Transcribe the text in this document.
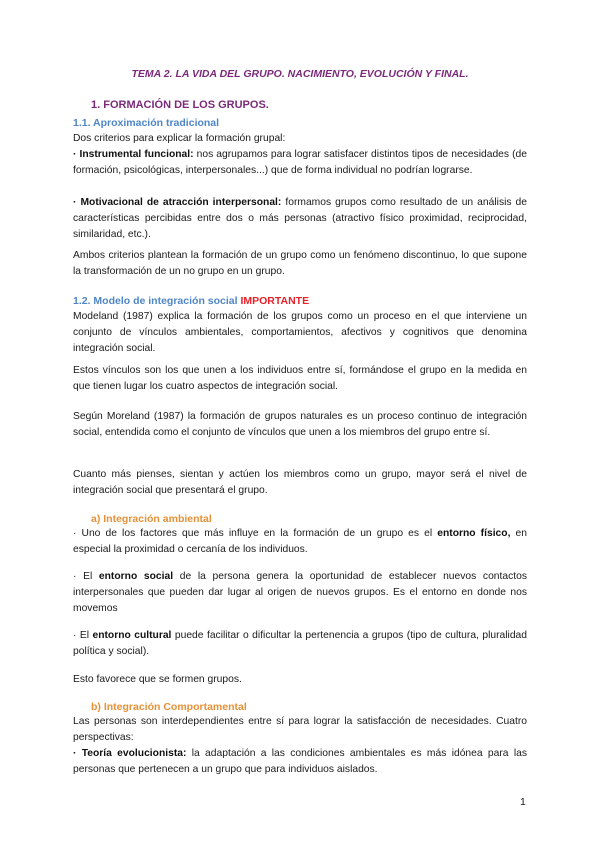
TEMA 2. LA VIDA DEL GRUPO. NACIMIENTO, EVOLUCIÓN Y FINAL.
1. FORMACIÓN DE LOS GRUPOS.
1.1. Aproximación tradicional
Dos criterios para explicar la formación grupal:
· Instrumental funcional: nos agrupamos para lograr satisfacer distintos tipos de necesidades (de formación, psicológicas, interpersonales...) que de forma individual no podrían lograrse.
· Motivacional de atracción interpersonal: formamos grupos como resultado de un análisis de características percibidas entre dos o más personas (atractivo físico proximidad, reciprocidad, similaridad, etc.).
Ambos criterios plantean la formación de un grupo como un fenómeno discontinuo, lo que supone la transformación de un no grupo en un grupo.
1.2. Modelo de integración social IMPORTANTE
Modeland (1987) explica la formación de los grupos como un proceso en el que interviene un conjunto de vínculos ambientales, comportamientos, afectivos y cognitivos que denomina integración social.
Estos vínculos son los que unen a los individuos entre sí, formándose el grupo en la medida en que tienen lugar los cuatro aspectos de integración social.
Según Moreland (1987) la formación de grupos naturales es un proceso continuo de integración social, entendida como el conjunto de vínculos que unen a los miembros del grupo entre sí.
Cuanto más pienses, sientan y actúen los miembros como un grupo, mayor será el nivel de integración social que presentará el grupo.
a) Integración ambiental
· Uno de los factores que más influye en la formación de un grupo es el entorno físico, en especial la proximidad o cercanía de los individuos.
· El entorno social de la persona genera la oportunidad de establecer nuevos contactos interpersonales que pueden dar lugar al origen de nuevos grupos. Es el entorno en donde nos movemos
· El entorno cultural puede facilitar o dificultar la pertenencia a grupos (tipo de cultura, pluralidad política y social).
Esto favorece que se formen grupos.
b) Integración Comportamental
Las personas son interdependientes entre sí para lograr la satisfacción de necesidades. Cuatro perspectivas:
· Teoría evolucionista: la adaptación a las condiciones ambientales es más idónea para las personas que pertenecen a un grupo que para individuos aislados.
1
